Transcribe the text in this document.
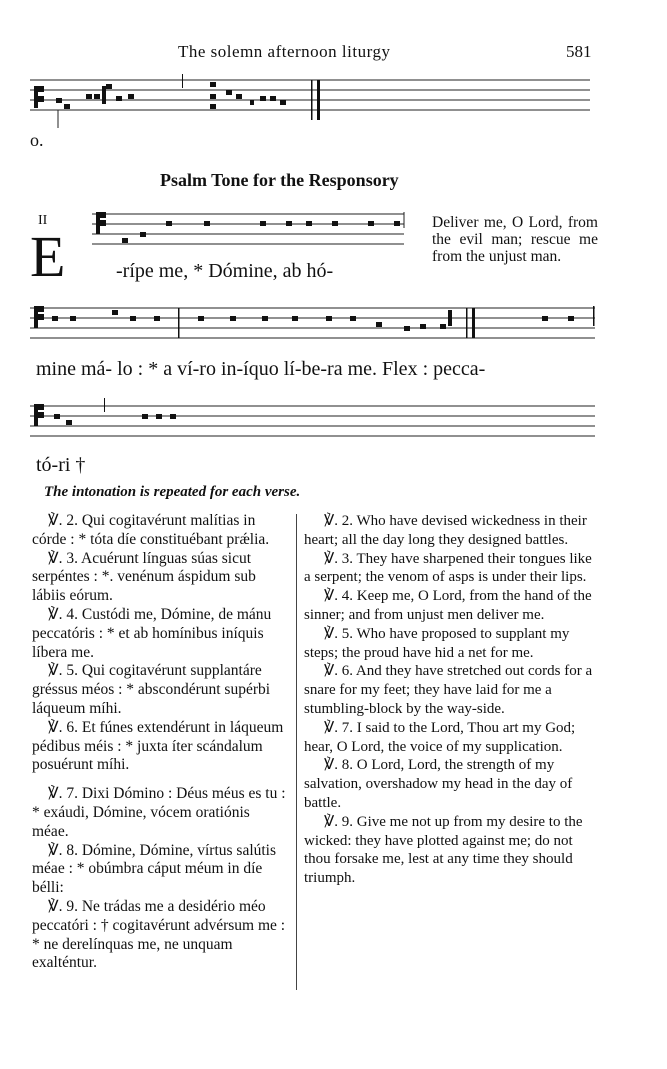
The solemn afternoon liturgy	581
o.
Psalm Tone for the Responsory
II
E	-rípe me, * Dómine, ab hó-
Deliver me, O Lord, from the evil man; rescue me from the unjust man.
mine má- lo : * a ví-ro in-íquo lí-be-ra me. Flex : pecca-
tó-ri †
The intonation is repeated for each verse.

℣. 2. Qui cogitavérunt malítias in córde : * tóta díe constituébant prǽlia.

℣. 3. Acuérunt línguas súas sicut serpéntes : *. venénum áspidum sub lábiis eórum.

℣. 4. Custódi me, Dómine, de mánu peccatóris : * et ab homínibus iníquis líbera me.

℣. 5. Qui cogitavérunt supplantáre gréssus méos : * abscondérunt supérbi láqueum míhi.

℣. 6. Et fúnes extendérunt in láqueum pédibus méis : * juxta íter scándalum posuérunt míhi.

℣. 7. Dixi Dómino : Déus méus es tu : * exáudi, Dómine, vócem oratiónis méae.

℣. 8. Dómine, Dómine, vírtus salútis méae : * obúmbra cáput méum in díe bélli:

℣. 9. Ne trádas me a desidério méo peccatóri : † cogitavérunt advérsum me : * ne derelínquas me, ne unquam exalténtur.

℣. 2. Who have devised wickedness in their heart; all the day long they designed battles.

℣. 3. They have sharpened their tongues like a serpent; the venom of asps is under their lips.

℣. 4. Keep me, O Lord, from the hand of the sinner; and from unjust men deliver me.

℣. 5. Who have proposed to supplant my steps; the proud have hid a net for me.

℣. 6. And they have stretched out cords for a snare for my feet; they have laid for me a stumbling-block by the way-side.

℣. 7. I said to the Lord, Thou art my God; hear, O Lord, the voice of my supplication.

℣. 8. O Lord, Lord, the strength of my salvation, overshadow my head in the day of battle.

℣. 9. Give me not up from my desire to the wicked: they have plotted against me; do not thou forsake me, lest at any time they should triumph.
